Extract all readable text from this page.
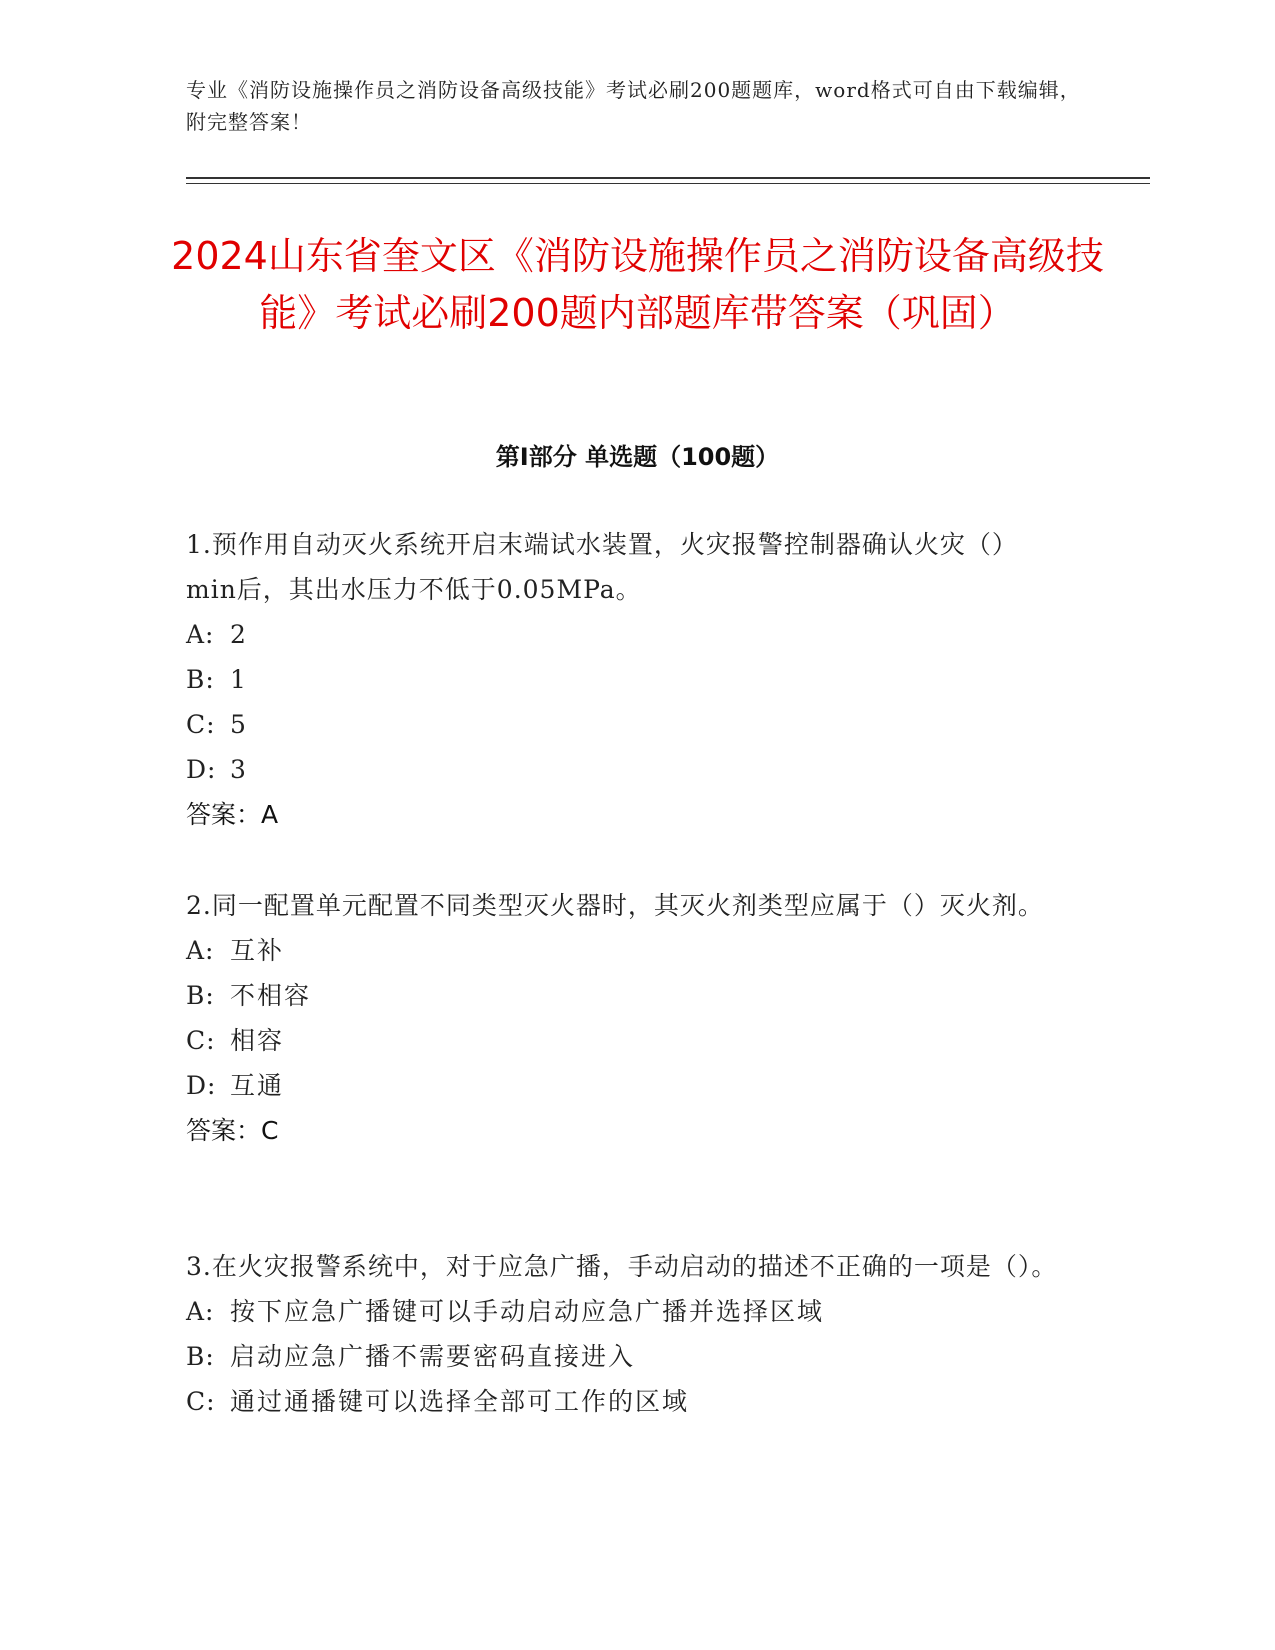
专业《消防设施操作员之消防设备高级技能》考试必刷200题题库，word格式可自由下载编辑，附完整答案！
2024山东省奎文区《消防设施操作员之消防设备高级技能》考试必刷200题内部题库带答案（巩固）
第I部分 单选题（100题）

1.预作用自动灭火系统开启末端试水装置，火灾报警控制器确认火灾（）min后，其出水压力不低于0.05MPa。

A: 2
B: 1
C: 5
D: 3

答案：A

2.同一配置单元配置不同类型灭火器时，其灭火剂类型应属于（）灭火剂。

A: 互补
B: 不相容
C: 相容
D: 互通

答案：C

3.在火灾报警系统中，对于应急广播，手动启动的描述不正确的一项是（）。

A: 按下应急广播键可以手动启动应急广播并选择区域
B: 启动应急广播不需要密码直接进入
C: 通过通播键可以选择全部可工作的区域
